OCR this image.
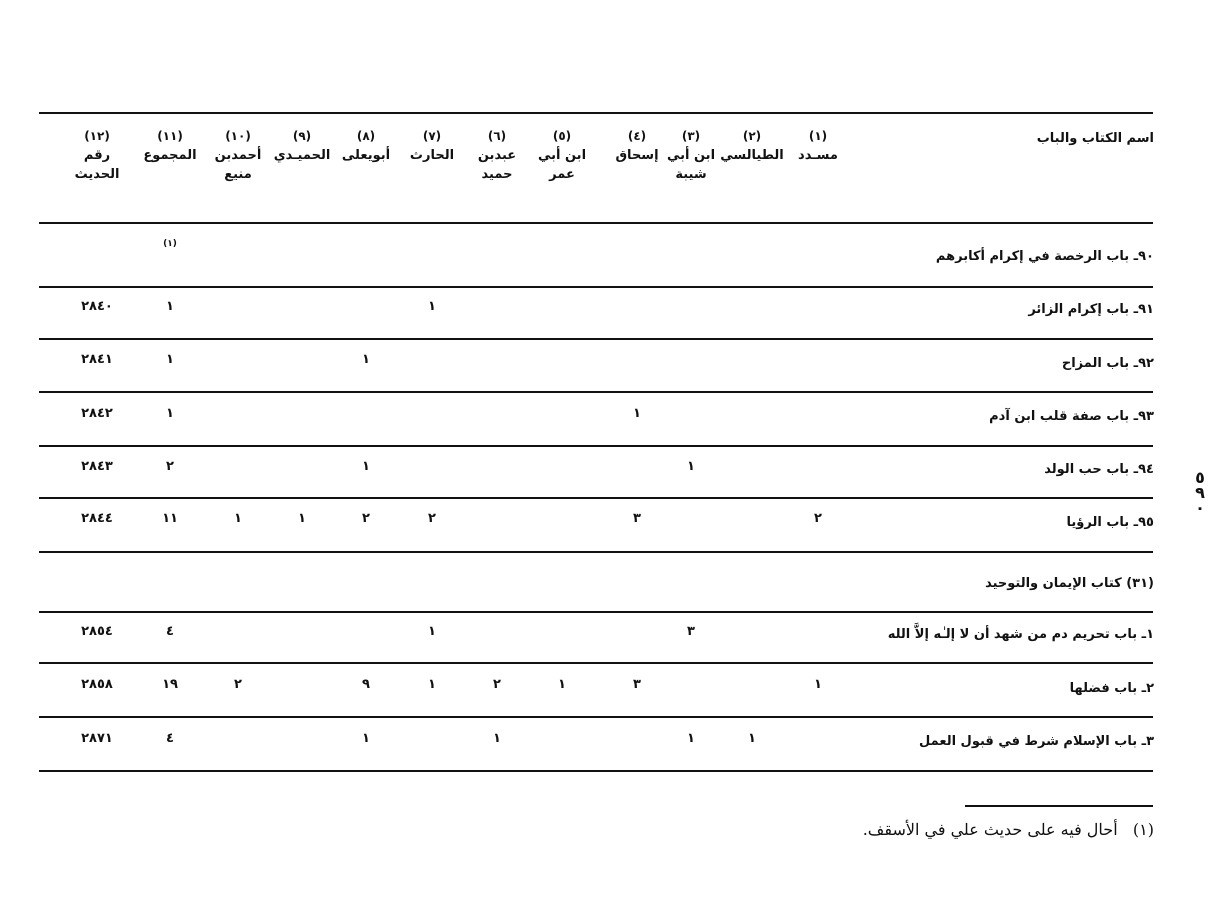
اسم الكتاب والباب
(١)
مسـدد
(٢)
الطيالسي
(٣)
ابن أبي
شيبة
(٤)
إسحاق
(٥)
ابن أبي
عمر
(٦)
عبدبن
حميد
(٧)
الحارث
(٨)
أبويعلى
(٩)
الحميـدي
(١٠)
أحمدبن
منيع
(١١)
المجموع
(١٢)
رقم الحديث
٩٠ـ باب الرخصة في إكرام أكابرهم
(١)
٩١ـ باب إكرام الزائر
١
١
٢٨٤٠
٩٢ـ باب المزاح
١
١
٢٨٤١
٩٣ـ باب صفة قلب ابن آدم
١
١
٢٨٤٢
٩٤ـ باب حب الولد
١
١
٢
٢٨٤٣
٩٥ـ باب الرؤيا
٢
٣
٢
٢
١
١
١١
٢٨٤٤
(٣١) كتاب الإيمان والتوحيد
١ـ باب تحريم دم من شهد أن لا إلـٰه إلاَّ الله
٣
١
٤
٢٨٥٤
٢ـ باب فضلها
١
٣
١
٢
١
٩
٢
١٩
٢٨٥٨
٣ـ باب الإسلام شرط في قبول العمل
١
١
١
١
٤
٢٨٧١
٥
٩
٠
(١)   أحال فيه على حديث علي في الأسقف.
